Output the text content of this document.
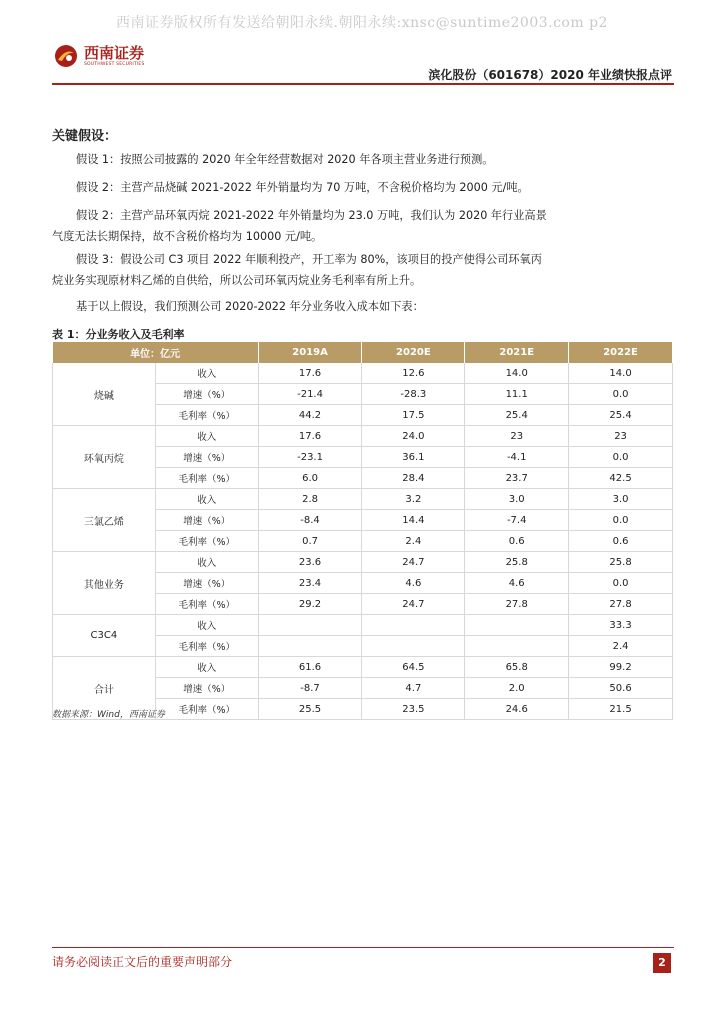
西南证券版权所有发送给朝阳永续.朝阳永续:xnsc@suntime2003.com p2
西南证券
SOUTHWEST SECURITIES
滨化股份（601678）2020 年业绩快报点评
关键假设：
假设 1：按照公司披露的 2020 年全年经营数据对 2020 年各项主营业务进行预测。
假设 2：主营产品烧碱 2021-2022 年外销量均为 70 万吨，不含税价格均为 2000 元/吨。
假设 2：主营产品环氧丙烷 2021-2022 年外销量均为 23.0 万吨，我们认为 2020 年行业高景气度无法长期保持，故不含税价格均为 10000 元/吨。
假设 3：假设公司 C3 项目 2022 年顺利投产，开工率为 80%，该项目的投产使得公司环氧丙烷业务实现原材料乙烯的自供给，所以公司环氧丙烷业务毛利率有所上升。
基于以上假设，我们预测公司 2020-2022 年分业务收入成本如下表：
表 1：分业务收入及毛利率
单位：亿元		2019A	2020E	2021E	2022E
烧碱	收入	17.6	12.6	14.0	14.0
	增速（%）	-21.4	-28.3	11.1	0.0
	毛利率（%）	44.2	17.5	25.4	25.4
环氧丙烷	收入	17.6	24.0	23	23
	增速（%）	-23.1	36.1	-4.1	0.0
	毛利率（%）	6.0	28.4	23.7	42.5
三氯乙烯	收入	2.8	3.2	3.0	3.0
	增速（%）	-8.4	14.4	-7.4	0.0
	毛利率（%）	0.7	2.4	0.6	0.6
其他业务	收入	23.6	24.7	25.8	25.8
	增速（%）	23.4	4.6	4.6	0.0
	毛利率（%）	29.2	24.7	27.8	27.8
C3C4	收入				33.3
	毛利率（%）				2.4
合计	收入	61.6	64.5	65.8	99.2
	增速（%）	-8.7	4.7	2.0	50.6
	毛利率（%）	25.5	23.5	24.6	21.5
数据来源：Wind，西南证券
请务必阅读正文后的重要声明部分	2
